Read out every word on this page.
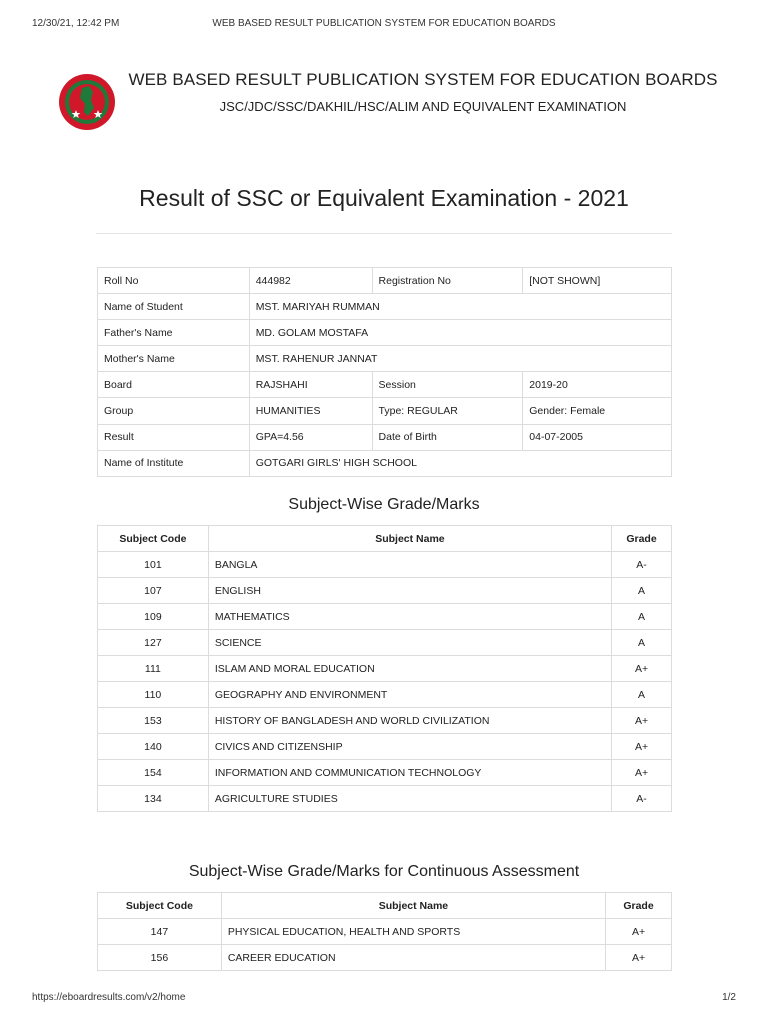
12/30/21, 12:42 PM	WEB BASED RESULT PUBLICATION SYSTEM FOR EDUCATION BOARDS
WEB BASED RESULT PUBLICATION SYSTEM FOR EDUCATION BOARDS
JSC/JDC/SSC/DAKHIL/HSC/ALIM AND EQUIVALENT EXAMINATION
Result of SSC or Equivalent Examination - 2021
Roll No	444982	Registration No	[NOT SHOWN]
Name of Student	MST. MARIYAH RUMMAN		
Father's Name	MD. GOLAM MOSTAFA		
Mother's Name	MST. RAHENUR JANNAT		
Board	RAJSHAHI	Session	2019-20
Group	HUMANITIES	Type: REGULAR	Gender: Female
Result	GPA=4.56	Date of Birth	04-07-2005
Name of Institute	GOTGARI GIRLS' HIGH SCHOOL		
Subject-Wise Grade/Marks
Subject Code	Subject Name	Grade
101	BANGLA	A-
107	ENGLISH	A
109	MATHEMATICS	A
127	SCIENCE	A
111	ISLAM AND MORAL EDUCATION	A+
110	GEOGRAPHY AND ENVIRONMENT	A
153	HISTORY OF BANGLADESH AND WORLD CIVILIZATION	A+
140	CIVICS AND CITIZENSHIP	A+
154	INFORMATION AND COMMUNICATION TECHNOLOGY	A+
134	AGRICULTURE STUDIES	A-
Subject-Wise Grade/Marks for Continuous Assessment
Subject Code	Subject Name	Grade
147	PHYSICAL EDUCATION, HEALTH AND SPORTS	A+
156	CAREER EDUCATION	A+
https://eboardresults.com/v2/home	1/2
